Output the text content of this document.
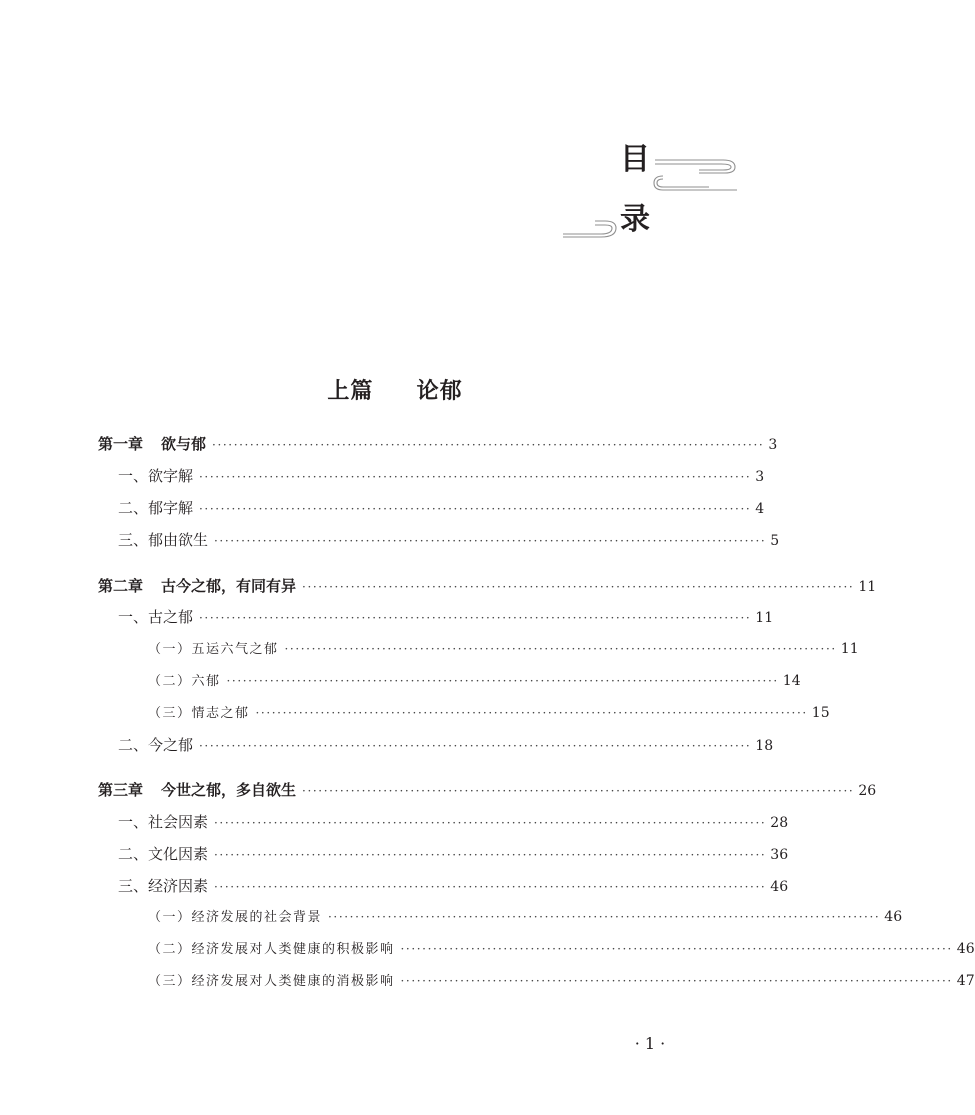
目
录
上篇 论郁
第一章 欲与郁 ······································································································ 3
一、欲字解 ······································································································ 3
二、郁字解 ······································································································ 4
三、郁由欲生 ······································································································ 5
第二章 古今之郁，有同有异 ······································································································ 11
一、古之郁 ······································································································ 11
（一）五运六气之郁 ······································································································ 11
（二）六郁 ······································································································ 14
（三）情志之郁 ······································································································ 15
二、今之郁 ······································································································ 18
第三章 今世之郁，多自欲生 ······································································································ 26
一、社会因素 ······································································································ 28
二、文化因素 ······································································································ 36
三、经济因素 ······································································································ 46
（一）经济发展的社会背景 ······································································································ 46
（二）经济发展对人类健康的积极影响 ······································································································ 46
（三）经济发展对人类健康的消极影响 ······································································································ 47
· 1 ·
